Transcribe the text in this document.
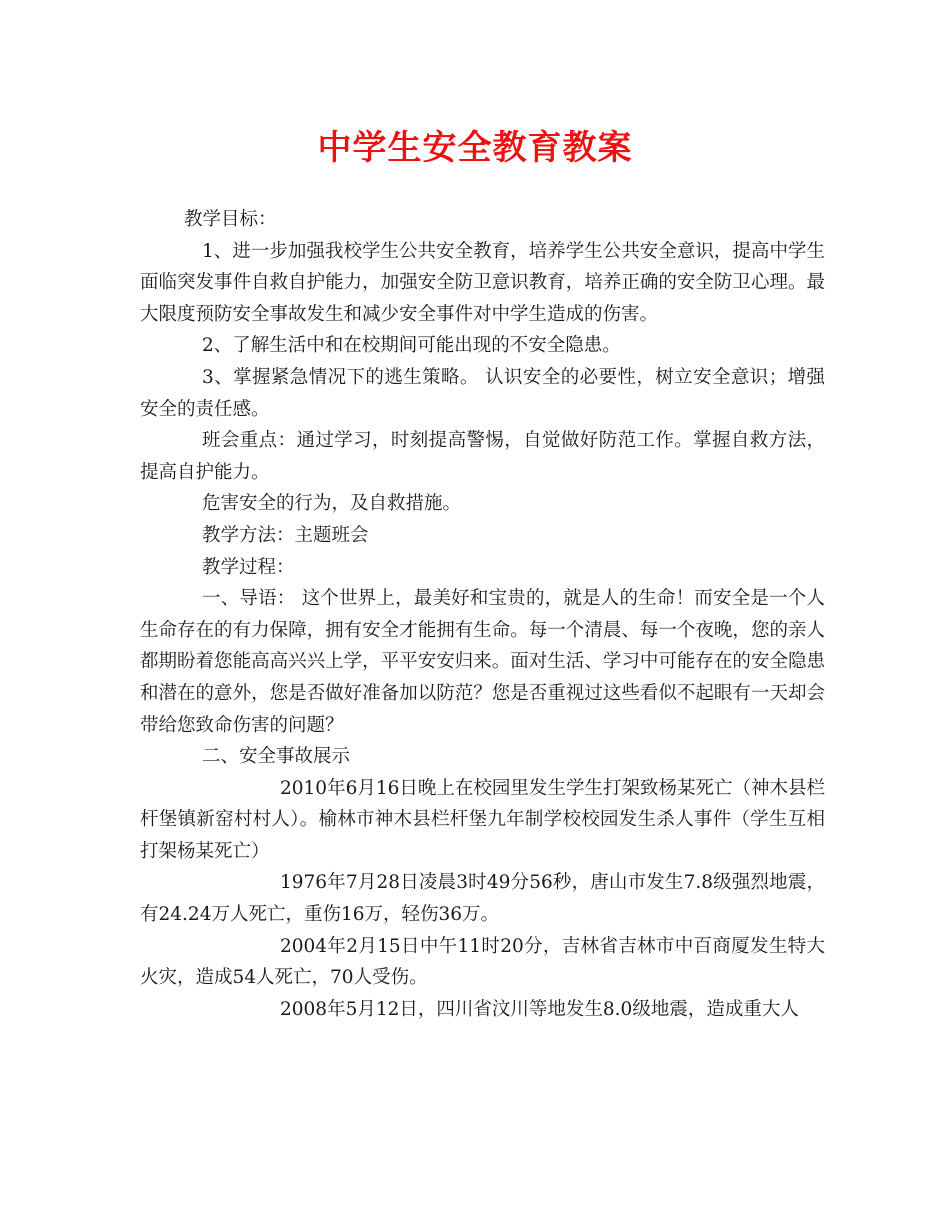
中学生安全教育教案

教学目标：

1、进一步加强我校学生公共安全教育，培养学生公共安全意识，提高中学生面临突发事件自救自护能力，加强安全防卫意识教育，培养正确的安全防卫心理。最大限度预防安全事故发生和减少安全事件对中学生造成的伤害。

2、了解生活中和在校期间可能出现的不安全隐患。

3、掌握紧急情况下的逃生策略。 认识安全的必要性，树立安全意识；增强安全的责任感。

班会重点：通过学习，时刻提高警惕，自觉做好防范工作。掌握自救方法，提高自护能力。

危害安全的行为，及自救措施。

教学方法：主题班会

教学过程：

一、导语： 这个世界上，最美好和宝贵的，就是人的生命！而安全是一个人生命存在的有力保障，拥有安全才能拥有生命。每一个清晨、每一个夜晚，您的亲人都期盼着您能高高兴兴上学，平平安安归来。面对生活、学习中可能存在的安全隐患和潜在的意外，您是否做好准备加以防范？您是否重视过这些看似不起眼有一天却会带给您致命伤害的问题？

二、安全事故展示

2010年6月16日晚上在校园里发生学生打架致杨某死亡（神木县栏杆堡镇新窑村村人）。榆林市神木县栏杆堡九年制学校校园发生杀人事件（学生互相打架杨某死亡）

1976年7月28日凌晨3时49分56秒，唐山市发生7.8级强烈地震，有24.24万人死亡，重伤16万，轻伤36万。

2004年2月15日中午11时20分，吉林省吉林市中百商厦发生特大火灾，造成54人死亡，70人受伤。

2008年5月12日，四川省汶川等地发生8.0级地震，造成重大人
